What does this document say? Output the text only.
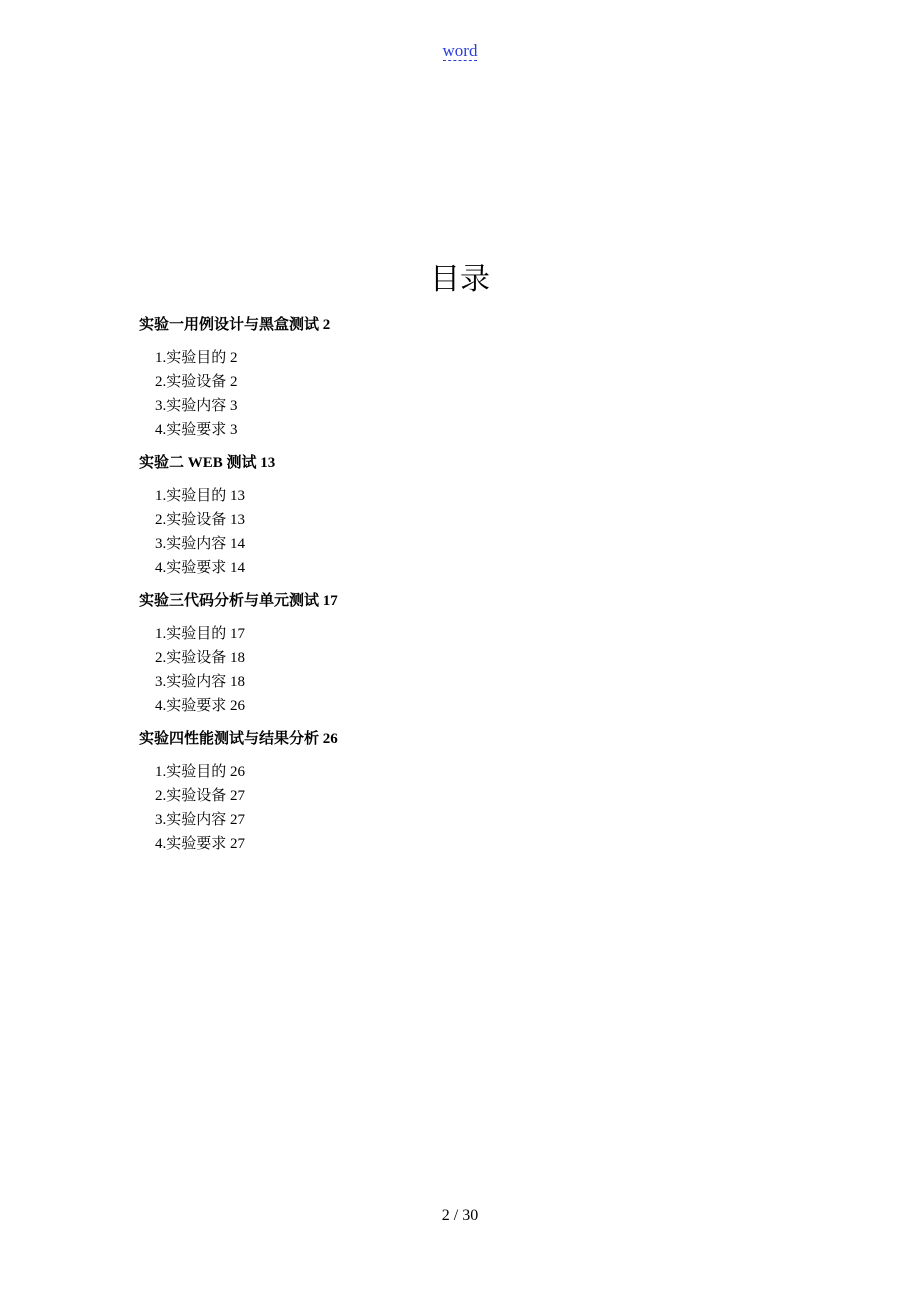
word
目录
实验一用例设计与黑盒测试 2
1.实验目的 2
2.实验设备 2
3.实验内容 3
4.实验要求 3
实验二 WEB 测试 13
1.实验目的 13
2.实验设备 13
3.实验内容 14
4.实验要求 14
实验三代码分析与单元测试 17
1.实验目的 17
2.实验设备 18
3.实验内容 18
4.实验要求 26
实验四性能测试与结果分析 26
1.实验目的 26
2.实验设备 27
3.实验内容 27
4.实验要求 27
2 / 30
